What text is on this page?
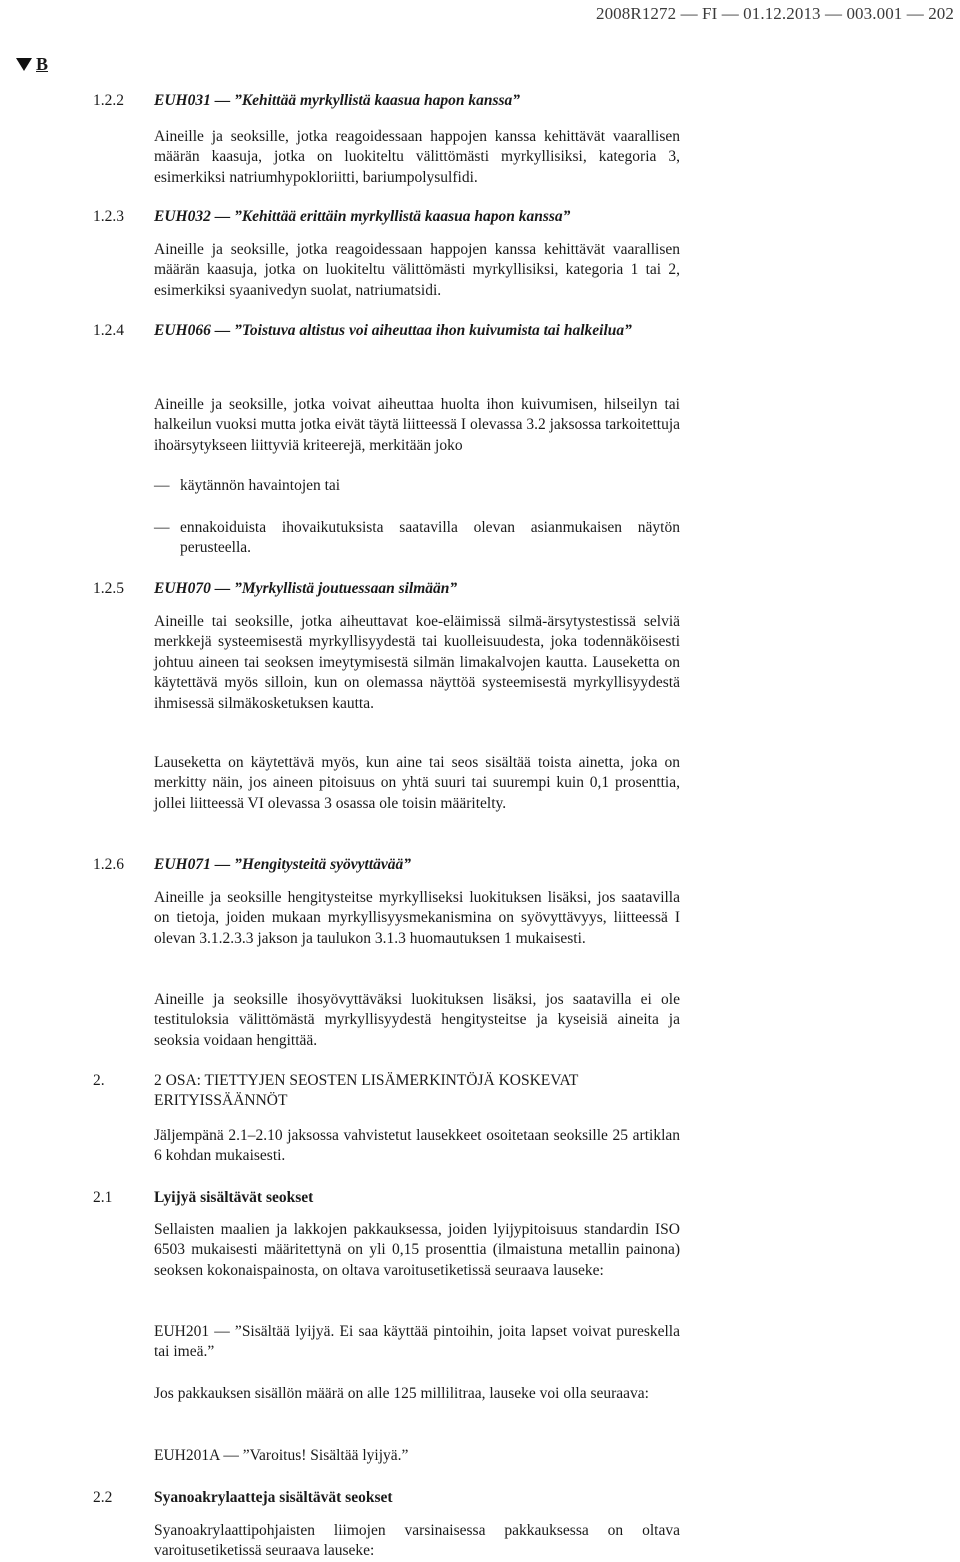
2008R1272 — FI — 01.12.2013 — 003.001 — 202
B
1.2.2 EUH031 — ”Kehittää myrkyllistä kaasua hapon kanssa”
Aineille ja seoksille, jotka reagoidessaan happojen kanssa kehittävät vaarallisen määrän kaasuja, jotka on luokiteltu välittömästi myrkyllisiksi, kategoria 3, esimerkiksi natriumhypokloriitti, bariumpolysulfidi.
1.2.3 EUH032 — ”Kehittää erittäin myrkyllistä kaasua hapon kanssa”
Aineille ja seoksille, jotka reagoidessaan happojen kanssa kehittävät vaarallisen määrän kaasuja, jotka on luokiteltu välittömästi myrkyllisiksi, kategoria 1 tai 2, esimerkiksi syaanivedyn suolat, natriumatsidi.
1.2.4 EUH066 — ”Toistuva altistus voi aiheuttaa ihon kuivumista tai halkeilua”
Aineille ja seoksille, jotka voivat aiheuttaa huolta ihon kuivumisen, hilseilyn tai halkeilun vuoksi mutta jotka eivät täytä liitteessä I olevassa 3.2 jaksossa tarkoitettuja ihoärsytykseen liittyviä kriteerejä, merkitään joko
— käytännön havaintojen tai
— ennakoiduista ihovaikutuksista saatavilla olevan asianmukaisen näytön perusteella.
1.2.5 EUH070 — ”Myrkyllistä joutuessaan silmään”
Aineille tai seoksille, jotka aiheuttavat koe-eläimissä silmä-ärsytystestissä selviä merkkejä systeemisestä myrkyllisyydestä tai kuolleisuudesta, joka todennäköisesti johtuu aineen tai seoksen imeytymisestä silmän limakalvojen kautta. Lauseketta on käytettävä myös silloin, kun on olemassa näyttöä systeemisestä myrkyllisyydestä ihmisessä silmäkosketuksen kautta.
Lauseketta on käytettävä myös, kun aine tai seos sisältää toista ainetta, joka on merkitty näin, jos aineen pitoisuus on yhtä suuri tai suurempi kuin 0,1 prosenttia, jollei liitteessä VI olevassa 3 osassa ole toisin määritelty.
1.2.6 EUH071 — ”Hengitysteitä syövyttävää”
Aineille ja seoksille hengitysteitse myrkylliseksi luokituksen lisäksi, jos saatavilla on tietoja, joiden mukaan myrkyllisyysmekanismina on syövyttävyys, liitteessä I olevan 3.1.2.3.3 jakson ja taulukon 3.1.3 huomautuksen 1 mukaisesti.
Aineille ja seoksille ihosyövyttäväksi luokituksen lisäksi, jos saatavilla ei ole testituloksia välittömästä myrkyllisyydestä hengitysteitse ja kyseisiä aineita ja seoksia voidaan hengittää.
2.	2 OSA: TIETTYJEN SEOSTEN LISÄMERKINTÖJÄ KOSKEVAT ERITYISSÄÄNNÖT
Jäljempänä 2.1–2.10 jaksossa vahvistetut lausekkeet osoitetaan seoksille 25 artiklan 6 kohdan mukaisesti.
2.1	Lyijyä sisältävät seokset
Sellaisten maalien ja lakkojen pakkauksessa, joiden lyijypitoisuus standardin ISO 6503 mukaisesti määritettynä on yli 0,15 prosenttia (ilmaistuna metallin painona) seoksen kokonaispainosta, on oltava varoitusetiketissä seuraava lauseke:
EUH201 — ”Sisältää lyijyä. Ei saa käyttää pintoihin, joita lapset voivat pureskella tai imeä.”
Jos pakkauksen sisällön määrä on alle 125 millilitraa, lauseke voi olla seuraava:
EUH201A — ”Varoitus! Sisältää lyijyä.”
2.2	Syanoakrylaatteja sisältävät seokset
Syanoakrylaattipohjaisten liimojen varsinaisessa pakkauksessa on oltava varoitusetiketissä seuraava lauseke:
